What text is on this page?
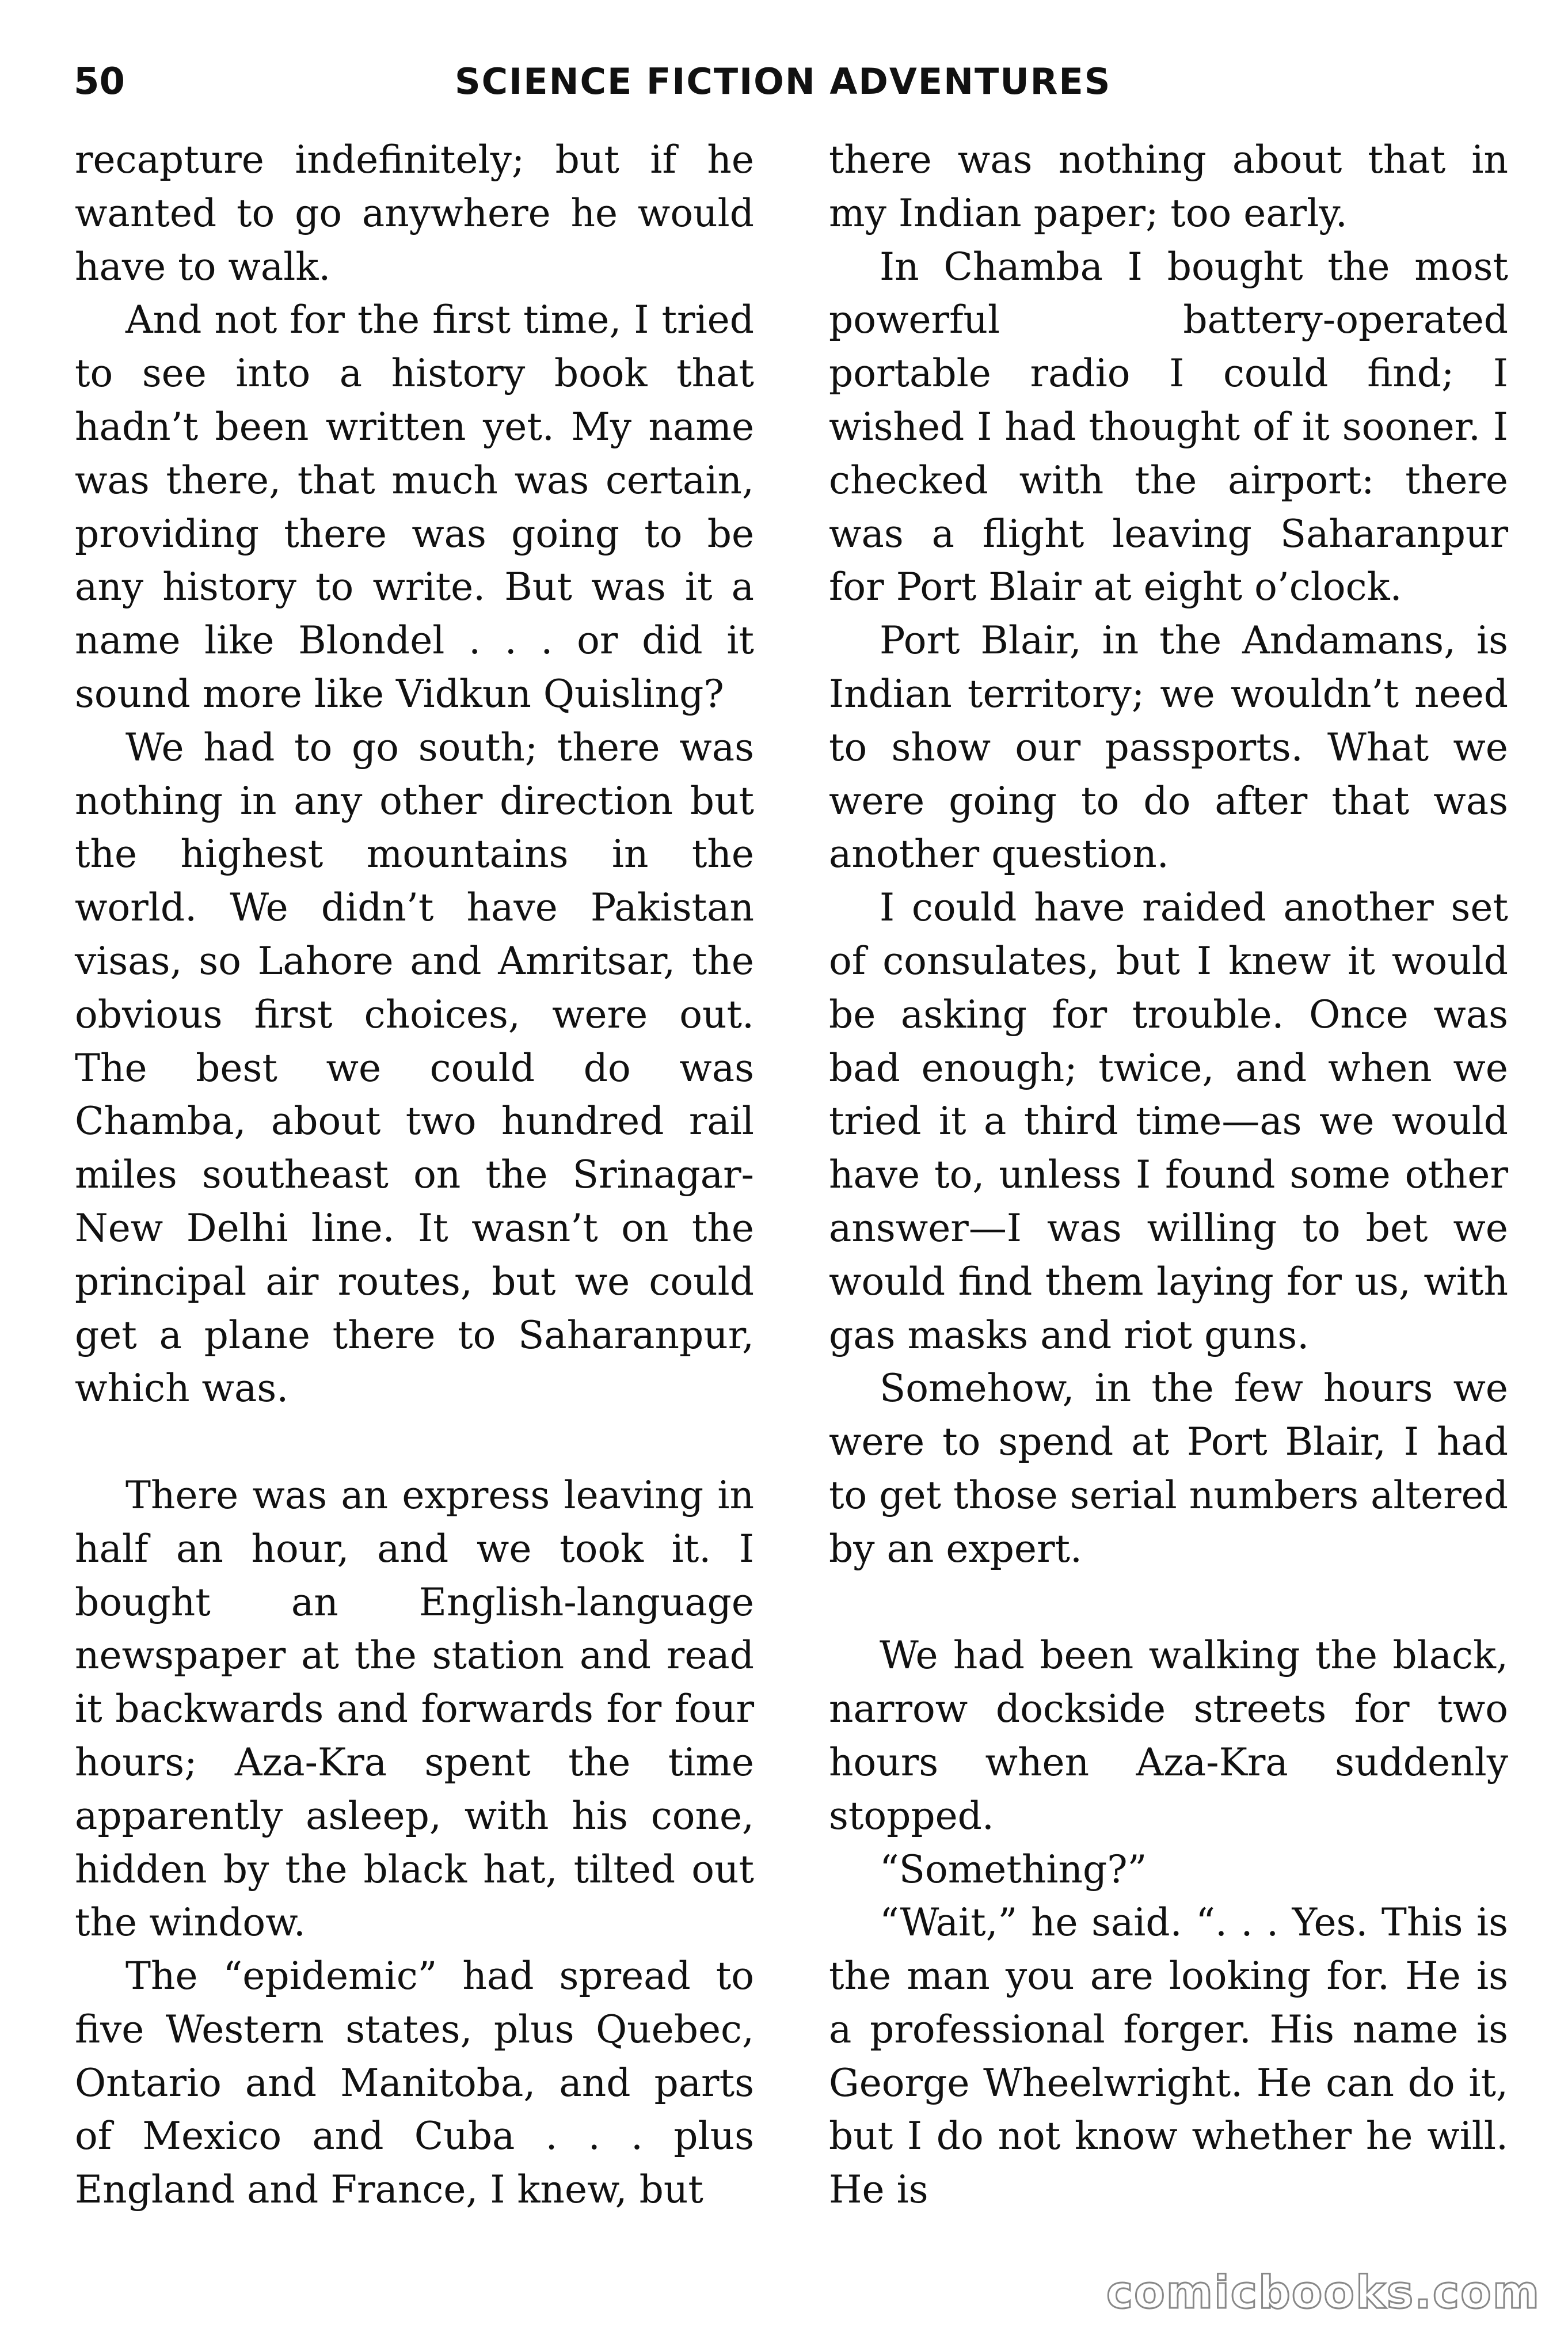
50	SCIENCE FICTION ADVENTURES

recapture indefinitely; but if he wanted to go anywhere he would have to walk.

And not for the first time, I tried to see into a history book that hadn’t been written yet. My name was there, that much was certain, providing there was going to be any history to write. But was it a name like Blondel . . . or did it sound more like Vidkun Quisling?

We had to go south; there was nothing in any other direction but the highest mountains in the world. We didn’t have Pakistan visas, so Lahore and Amritsar, the obvious first choices, were out. The best we could do was Chamba, about two hundred rail miles southeast on the Srinagar-New Delhi line. It wasn’t on the principal air routes, but we could get a plane there to Saharanpur, which was.

There was an express leaving in half an hour, and we took it. I bought an English-language newspaper at the station and read it backwards and forwards for four hours; Aza-Kra spent the time apparently asleep, with his cone, hidden by the black hat, tilted out the window.

The “epidemic” had spread to five Western states, plus Quebec, Ontario and Manitoba, and parts of Mexico and Cuba . . . plus England and France, I knew, but

there was nothing about that in my Indian paper; too early.

In Chamba I bought the most powerful battery-operated portable radio I could find; I wished I had thought of it sooner. I checked with the airport: there was a flight leaving Saharanpur for Port Blair at eight o’clock.

Port Blair, in the Andamans, is Indian territory; we wouldn’t need to show our passports. What we were going to do after that was another question.

I could have raided another set of consulates, but I knew it would be asking for trouble. Once was bad enough; twice, and when we tried it a third time—as we would have to, unless I found some other answer—I was willing to bet we would find them laying for us, with gas masks and riot guns.

Somehow, in the few hours we were to spend at Port Blair, I had to get those serial numbers altered by an expert.

We had been walking the black, narrow dockside streets for two hours when Aza-Kra suddenly stopped.

“Something?”

“Wait,” he said. “. . . Yes. This is the man you are looking for. He is a professional forger. His name is George Wheelwright. He can do it, but I do not know whether he will. He is

comicbooks.com
